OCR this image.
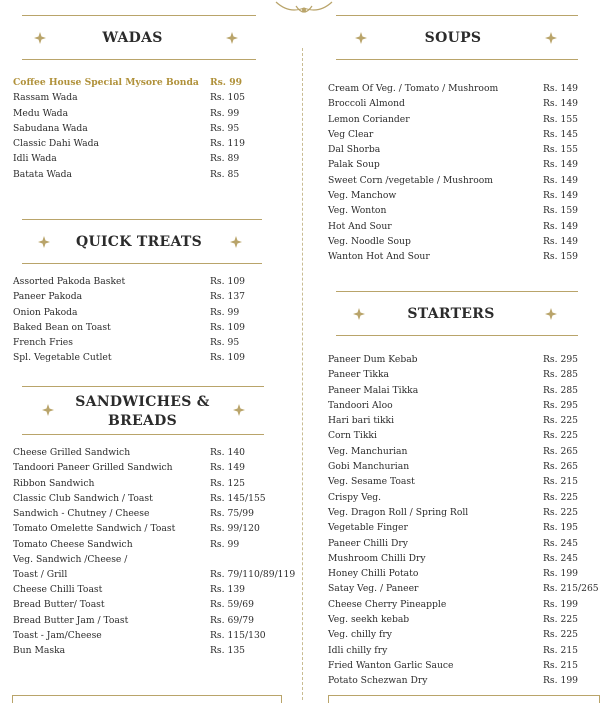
WADAS
Coffee House Special Mysore Bonda Rs. 99
Rassam Wada	Rs. 105
Medu Wada	Rs. 99
Sabudana Wada	Rs. 95
Classic Dahi Wada	Rs. 119
Idli Wada	Rs. 89
Batata Wada	Rs. 85
QUICK TREATS
Assorted Pakoda Basket	Rs. 109
Paneer Pakoda	Rs. 137
Onion Pakoda	Rs. 99
Baked Bean on Toast	Rs. 109
French Fries	Rs. 95
Spl. Vegetable Cutlet	Rs. 109
SANDWICHES &
BREADS
Cheese Grilled Sandwich	Rs. 140
Tandoori Paneer Grilled Sandwich	Rs. 149
Ribbon Sandwich	Rs. 125
Classic Club Sandwich / Toast	Rs. 145/155
Sandwich - Chutney / Cheese	Rs. 75/99
Tomato Omelette Sandwich / Toast	Rs. 99/120
Tomato Cheese Sandwich	Rs. 99
Veg. Sandwich /Cheese /
Toast / Grill	Rs. 79/110/89/119
Cheese Chilli Toast	Rs. 139
Bread Butter/ Toast	Rs. 59/69
Bread Butter Jam / Toast	Rs. 69/79
Toast - Jam/Cheese	Rs. 115/130
Bun Maska	Rs. 135
SOUPS
Cream Of Veg. / Tomato / Mushroom	Rs. 149
Broccoli Almond	Rs. 149
Lemon Coriander	Rs. 155
Veg Clear	Rs. 145
Dal Shorba	Rs. 155
Palak Soup	Rs. 149
Sweet Corn /vegetable / Mushroom	Rs. 149
Veg. Manchow	Rs. 149
Veg. Wonton	Rs. 159
Hot And Sour	Rs. 149
Veg. Noodle Soup	Rs. 149
Wanton Hot And Sour	Rs. 159
STARTERS
Paneer Dum Kebab	Rs. 295
Paneer Tikka	Rs. 285
Paneer Malai Tikka	Rs. 285
Tandoori Aloo	Rs. 295
Hari bari tikki	Rs. 225
Corn Tikki	Rs. 225
Veg. Manchurian	Rs. 265
Gobi Manchurian	Rs. 265
Veg. Sesame Toast	Rs. 215
Crispy Veg.	Rs. 225
Veg. Dragon Roll / Spring Roll	Rs. 225
Vegetable Finger	Rs. 195
Paneer Chilli Dry	Rs. 245
Mushroom Chilli Dry	Rs. 245
Honey Chilli Potato	Rs. 199
Satay Veg. / Paneer	Rs. 215/265
Cheese Cherry Pineapple	Rs. 199
Veg. seekh kebab	Rs. 225
Veg. chilly fry	Rs. 225
Idli chilly fry	Rs. 215
Fried Wanton Garlic Sauce	Rs. 215
Potato Schezwan Dry	Rs. 199
